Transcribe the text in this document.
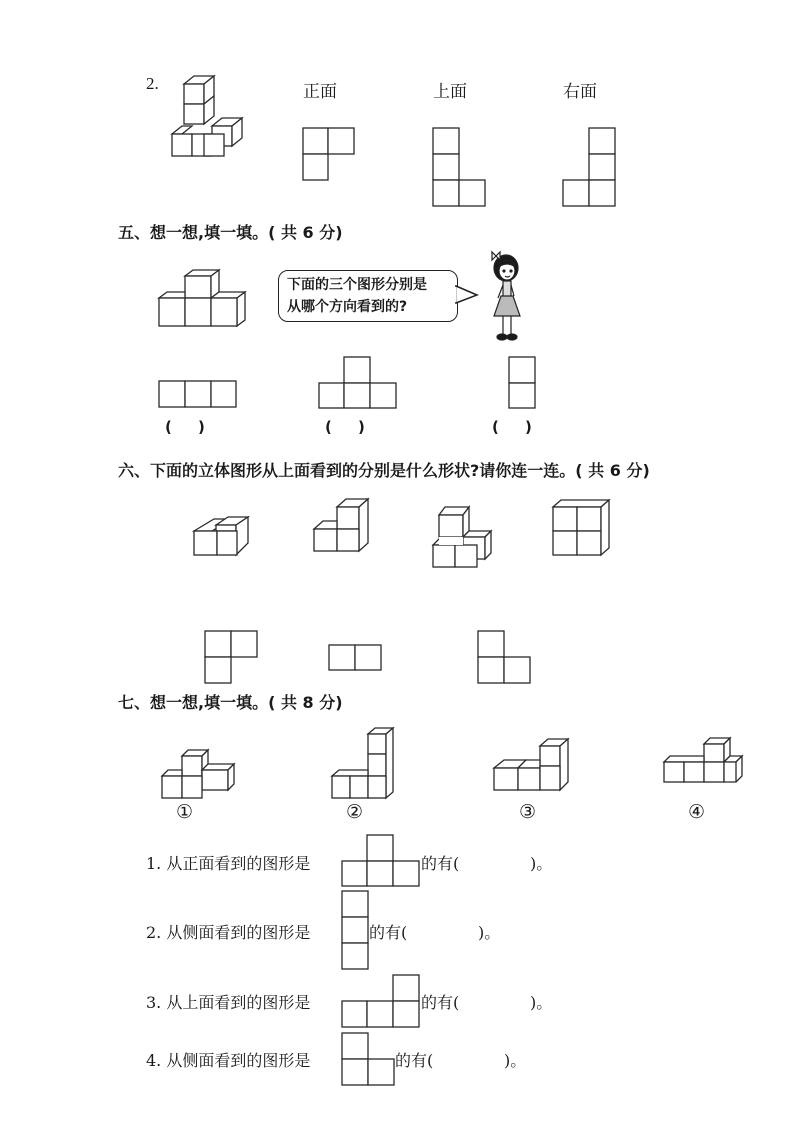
2.	正面	上面	右面
五、想一想,填一填。( 共 6 分)
下面的三个图形分别是
从哪个方向看到的?
(     )	(     )	(     )
六、下面的立体图形从上面看到的分别是什么形状?请你连一连。( 共 6 分)
七、想一想,填一填。( 共 8 分)
①	②	③	④
1. 从正面看到的图形是	的有(	)。
2. 从侧面看到的图形是	的有(	)。
3. 从上面看到的图形是	的有(	)。
4. 从侧面看到的图形是	的有(	)。
